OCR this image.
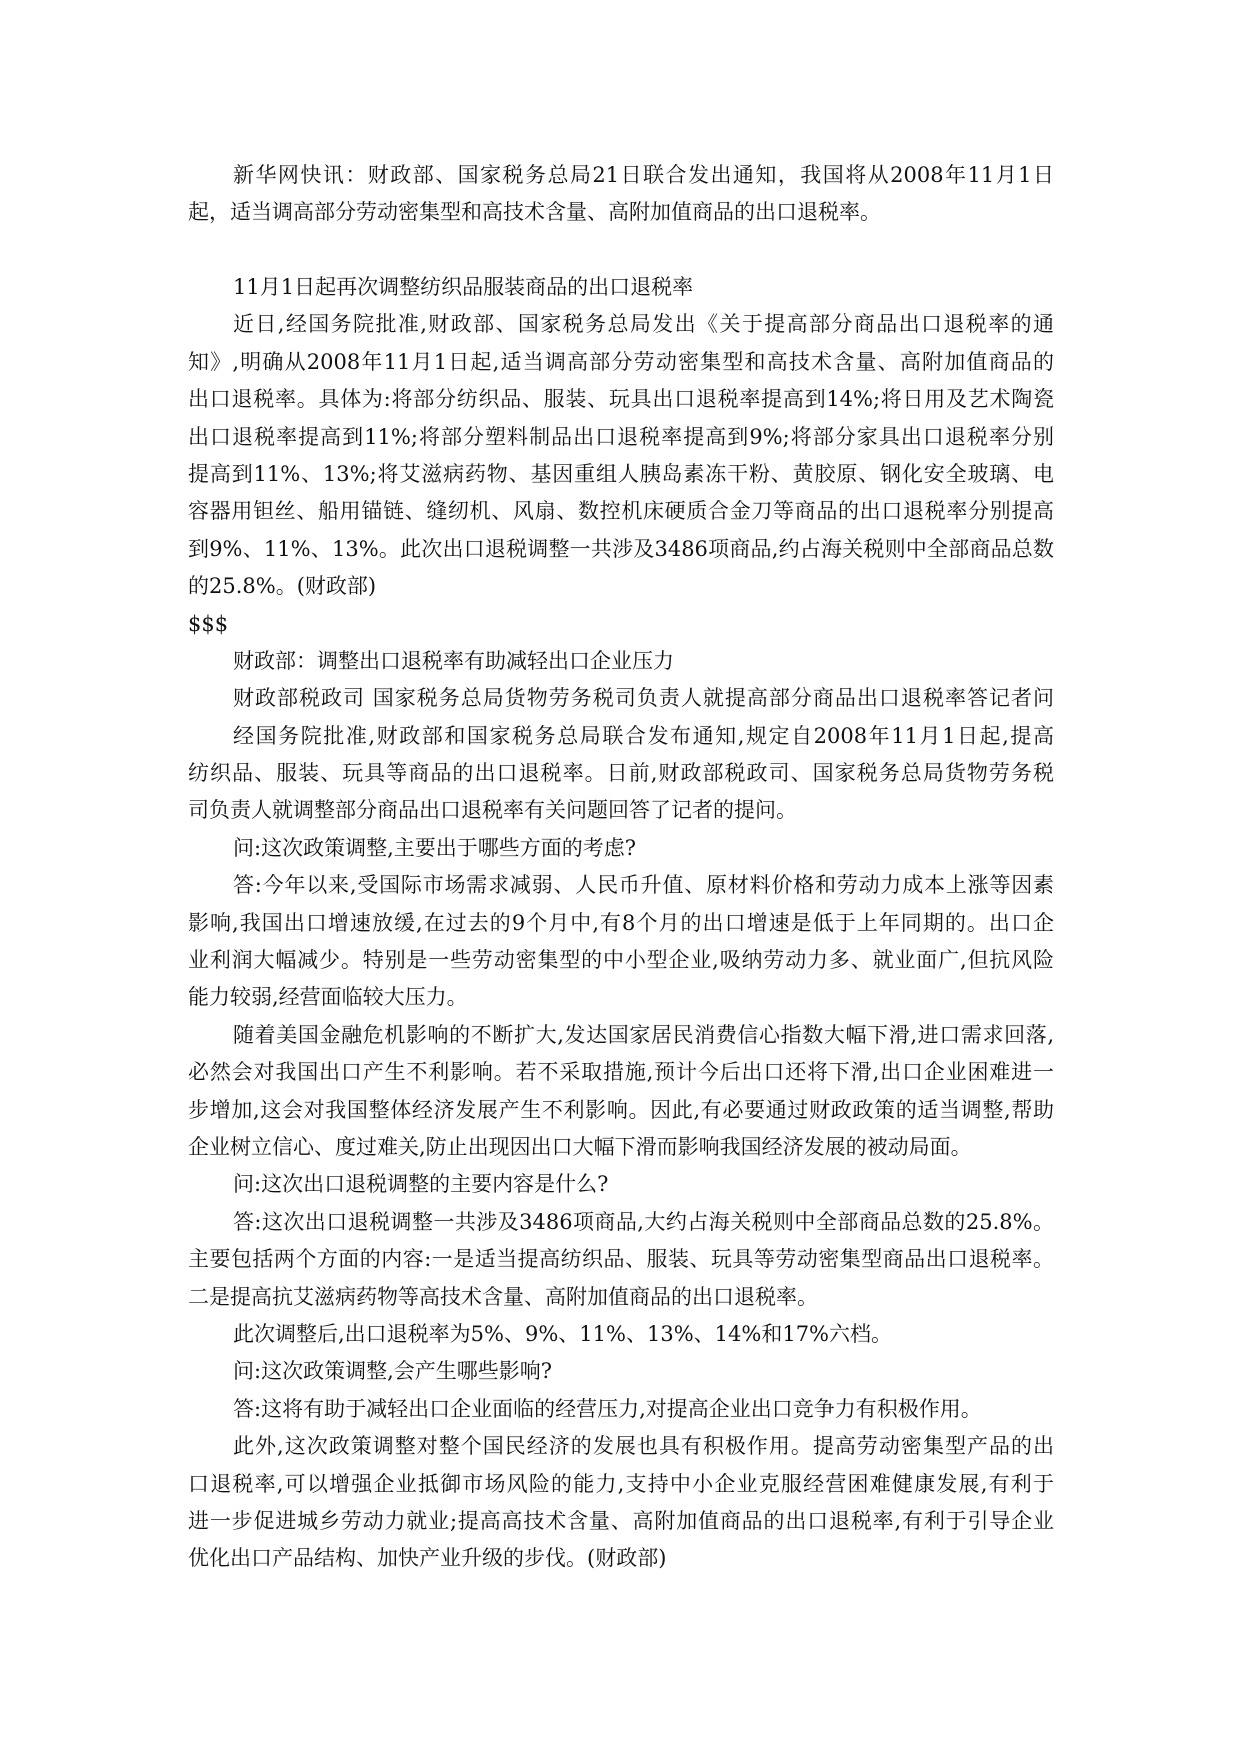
新华网快讯：财政部、国家税务总局21日联合发出通知，我国将从2008年11月1日
起，适当调高部分劳动密集型和高技术含量、高附加值商品的出口退税率。
11月1日起再次调整纺织品服装商品的出口退税率
近日,经国务院批准,财政部、国家税务总局发出《关于提高部分商品出口退税率的通
知》,明确从2008年11月1日起,适当调高部分劳动密集型和高技术含量、高附加值商品的
出口退税率。具体为:将部分纺织品、服装、玩具出口退税率提高到14%;将日用及艺术陶瓷
出口退税率提高到11%;将部分塑料制品出口退税率提高到9%;将部分家具出口退税率分别
提高到11%、13%;将艾滋病药物、基因重组人胰岛素冻干粉、黄胶原、钢化安全玻璃、电
容器用钽丝、船用锚链、缝纫机、风扇、数控机床硬质合金刀等商品的出口退税率分别提高
到9%、11%、13%。此次出口退税调整一共涉及3486项商品,约占海关税则中全部商品总数
的25.8%。(财政部)
$$$
财政部：调整出口退税率有助减轻出口企业压力
财政部税政司 国家税务总局货物劳务税司负责人就提高部分商品出口退税率答记者问
经国务院批准,财政部和国家税务总局联合发布通知,规定自2008年11月1日起,提高
纺织品、服装、玩具等商品的出口退税率。日前,财政部税政司、国家税务总局货物劳务税
司负责人就调整部分商品出口退税率有关问题回答了记者的提问。
问:这次政策调整,主要出于哪些方面的考虑?
答:今年以来,受国际市场需求减弱、人民币升值、原材料价格和劳动力成本上涨等因素
影响,我国出口增速放缓,在过去的9个月中,有8个月的出口增速是低于上年同期的。出口企
业利润大幅减少。特别是一些劳动密集型的中小型企业,吸纳劳动力多、就业面广,但抗风险
能力较弱,经营面临较大压力。
随着美国金融危机影响的不断扩大,发达国家居民消费信心指数大幅下滑,进口需求回落,
必然会对我国出口产生不利影响。若不采取措施,预计今后出口还将下滑,出口企业困难进一
步增加,这会对我国整体经济发展产生不利影响。因此,有必要通过财政政策的适当调整,帮助
企业树立信心、度过难关,防止出现因出口大幅下滑而影响我国经济发展的被动局面。
问:这次出口退税调整的主要内容是什么?
答:这次出口退税调整一共涉及3486项商品,大约占海关税则中全部商品总数的25.8%。
主要包括两个方面的内容:一是适当提高纺织品、服装、玩具等劳动密集型商品出口退税率。
二是提高抗艾滋病药物等高技术含量、高附加值商品的出口退税率。
此次调整后,出口退税率为5%、9%、11%、13%、14%和17%六档。
问:这次政策调整,会产生哪些影响?
答:这将有助于减轻出口企业面临的经营压力,对提高企业出口竞争力有积极作用。
此外,这次政策调整对整个国民经济的发展也具有积极作用。提高劳动密集型产品的出
口退税率,可以增强企业抵御市场风险的能力,支持中小企业克服经营困难健康发展,有利于
进一步促进城乡劳动力就业;提高高技术含量、高附加值商品的出口退税率,有利于引导企业
优化出口产品结构、加快产业升级的步伐。(财政部)
